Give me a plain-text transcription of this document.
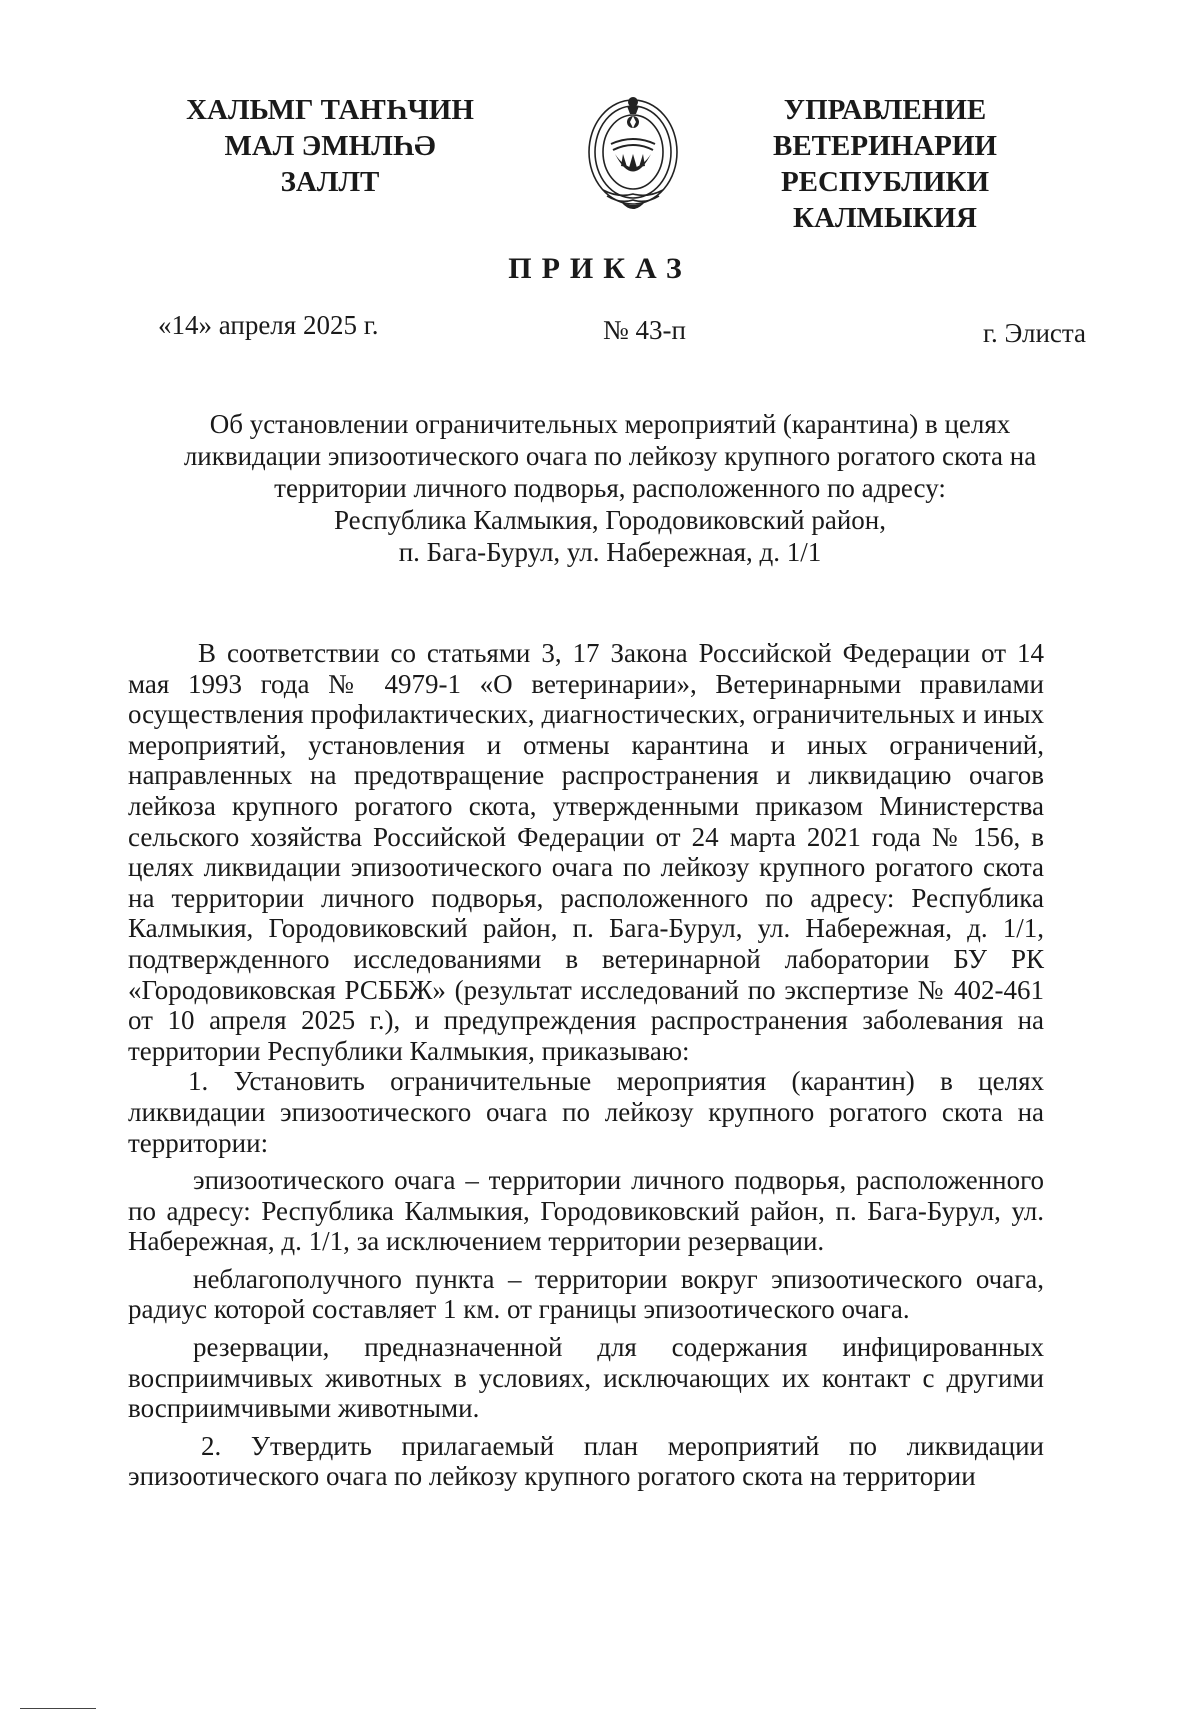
ХАЛЬМГ ТАҤҺЧИН
МАЛ ЭМНЛҺӘ
ЗАЛЛТ
УПРАВЛЕНИЕ
ВЕТЕРИНАРИИ
РЕСПУБЛИКИ
КАЛМЫКИЯ
ПРИКАЗ
«14» апреля 2025 г.	№ 43-п	г. Элиста
Об установлении ограничительных мероприятий (карантина) в целях
ликвидации эпизоотического очага по лейкозу крупного рогатого скота на
территории личного подворья, расположенного по адресу:
Республика Калмыкия, Городовиковский район,
п. Бага-Бурул, ул. Набережная, д. 1/1

В соответствии со статьями 3, 17 Закона Российской Федерации от 14 мая 1993 года № 4979-1 «О ветеринарии», Ветеринарными правилами осуществления профилактических, диагностических, ограничительных и иных мероприятий, установления и отмены карантина и иных ограничений, направленных на предотвращение распространения и ликвидацию очагов лейкоза крупного рогатого скота, утвержденными приказом Министерства сельского хозяйства Российской Федерации от 24 марта 2021 года № 156, в целях ликвидации эпизоотического очага по лейкозу крупного рогатого скота на территории личного подворья, расположенного по адресу: Республика Калмыкия, Городовиковский район, п. Бага-Бурул, ул. Набережная, д. 1/1, подтвержденного исследованиями в ветеринарной лаборатории БУ РК «Городовиковская РСББЖ» (результат исследований по экспертизе № 402-461 от 10 апреля 2025 г.), и предупреждения распространения заболевания на территории Республики Калмыкия, приказываю:

1. Установить ограничительные мероприятия (карантин) в целях ликвидации эпизоотического очага по лейкозу крупного рогатого скота на территории:

эпизоотического очага – территории личного подворья, расположенного по адресу: Республика Калмыкия, Городовиковский район, п. Бага-Бурул, ул. Набережная, д. 1/1, за исключением территории резервации.

неблагополучного пункта – территории вокруг эпизоотического очага, радиус которой составляет 1 км. от границы эпизоотического очага.

резервации, предназначенной для содержания инфицированных восприимчивых животных в условиях, исключающих их контакт с другими восприимчивыми животными.

2. Утвердить прилагаемый план мероприятий по ликвидации эпизоотического очага по лейкозу крупного рогатого скота на территории
